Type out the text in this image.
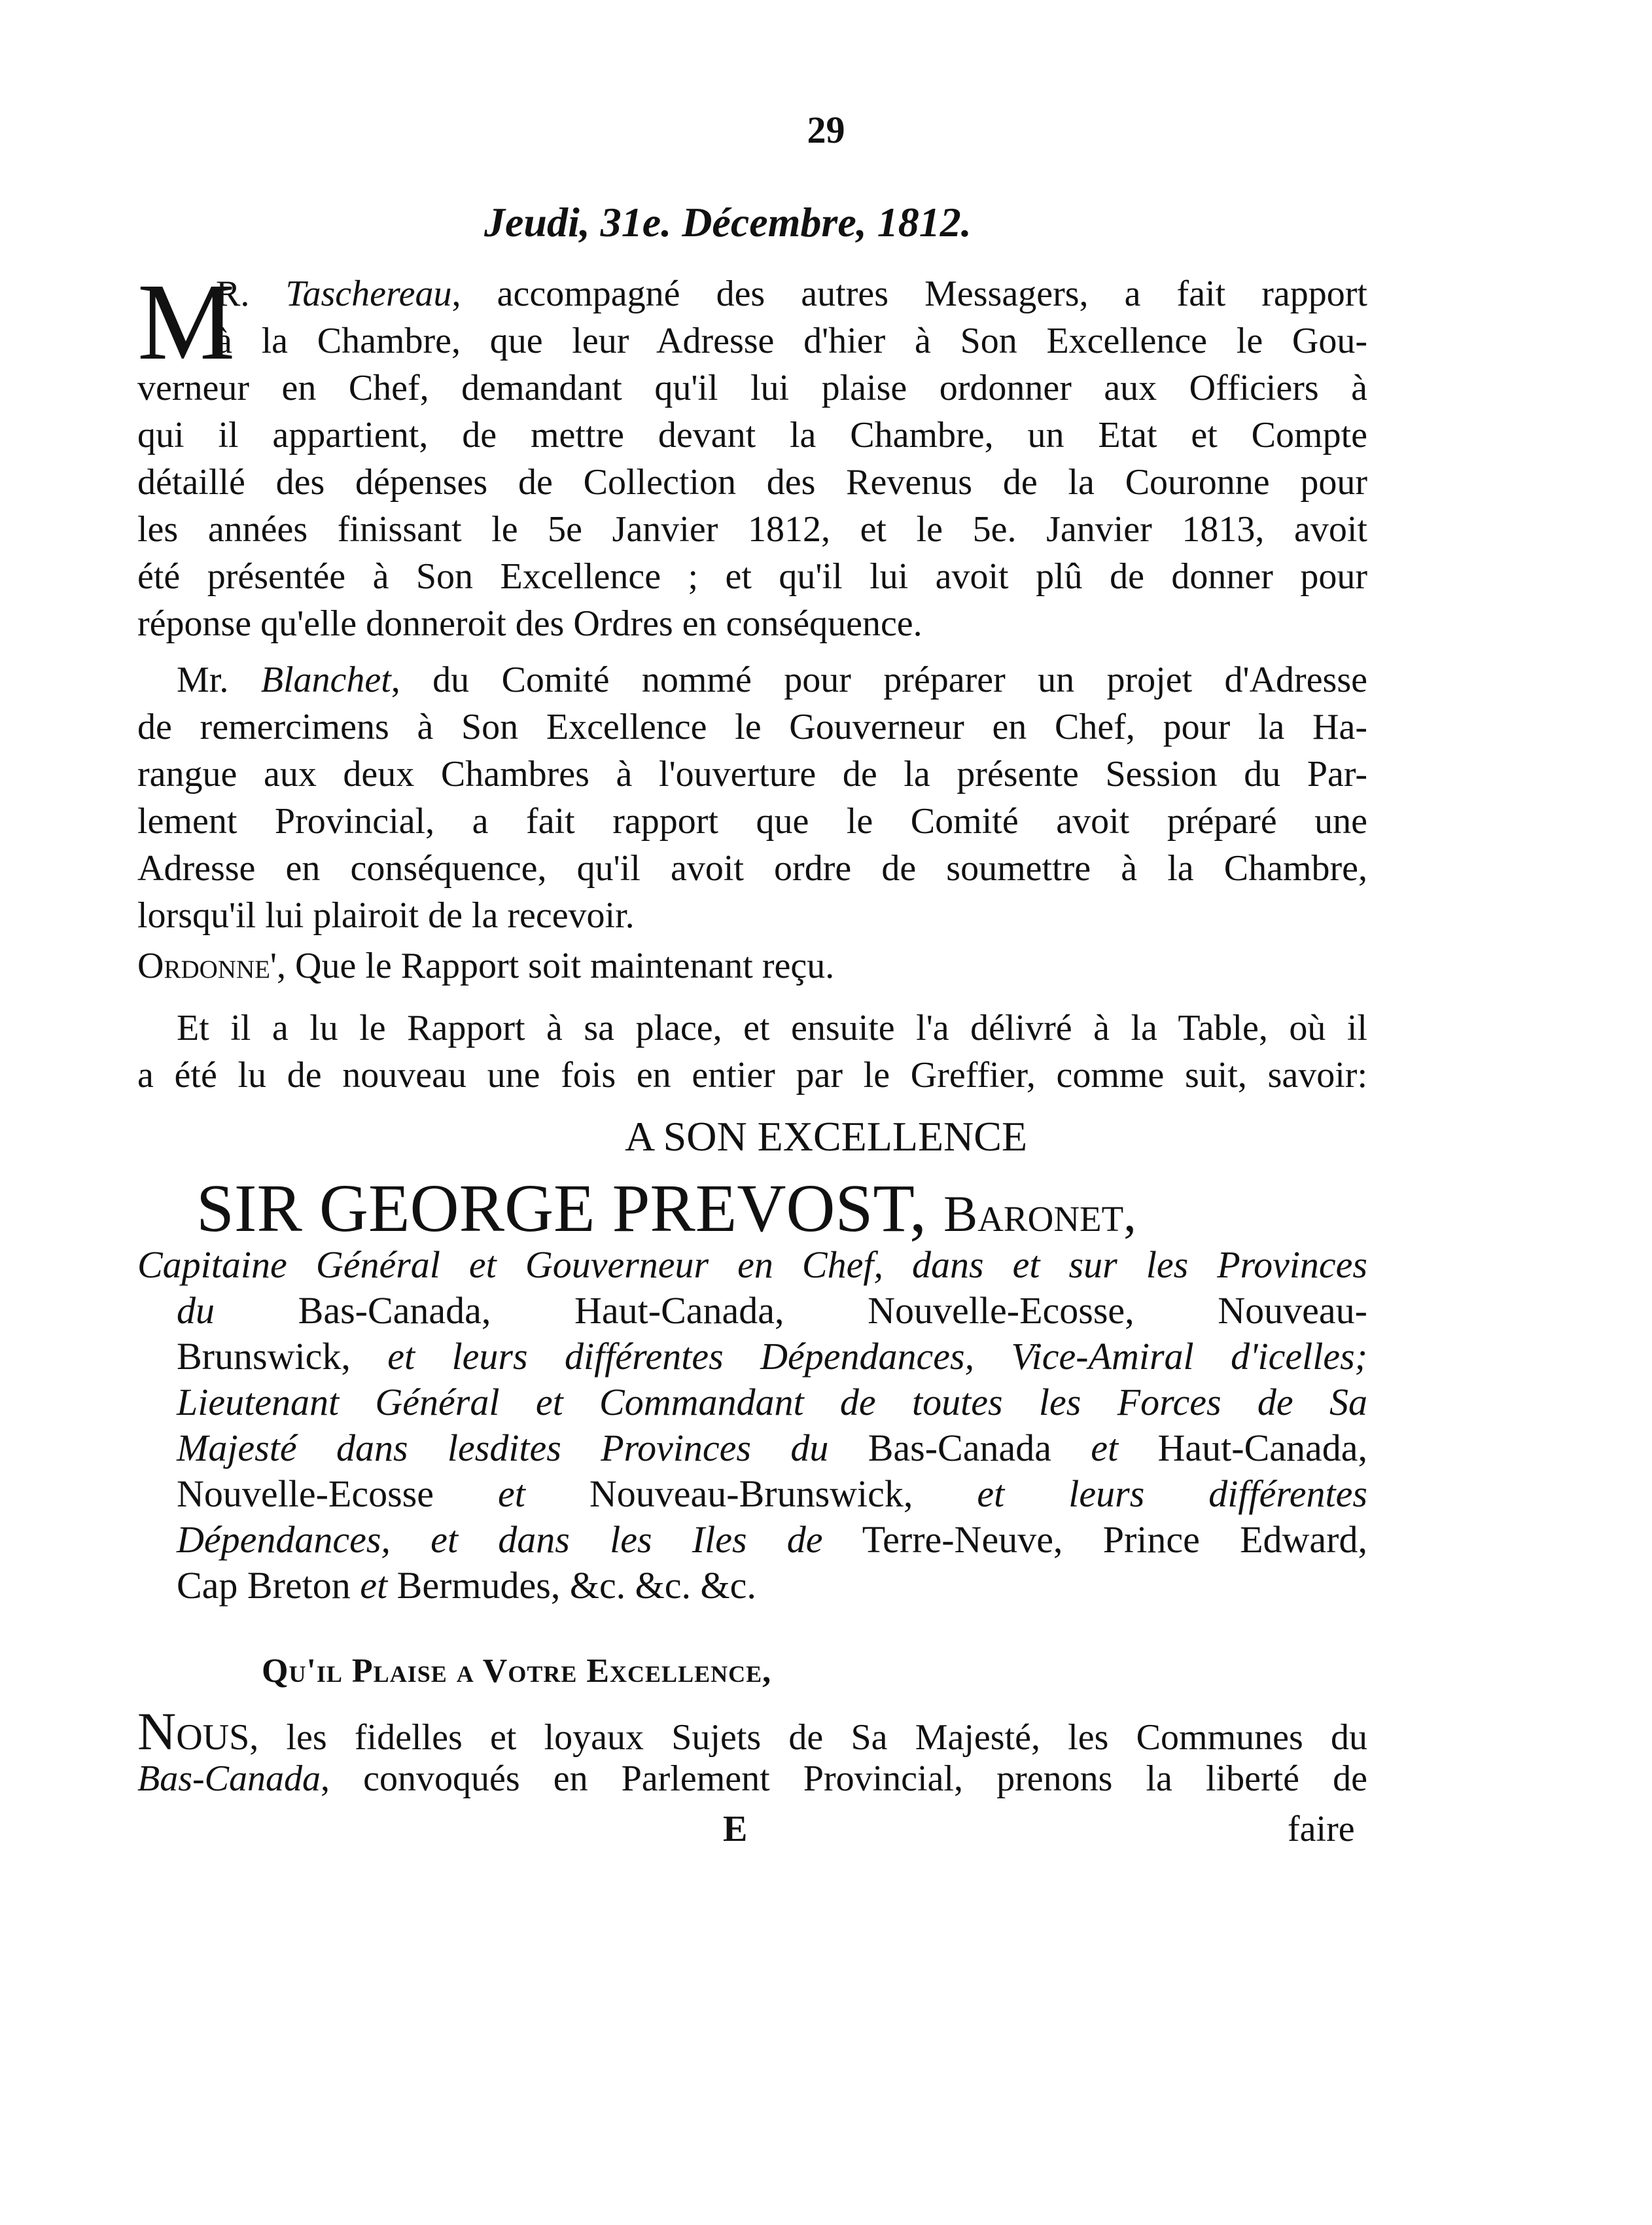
29
Jeudi, 31e. Décembre, 1812.
M
R. Taschereau, accompagné des autres Messagers, a fait rapport
à la Chambre, que leur Adresse d'hier à Son Excellence le Gou-
verneur en Chef, demandant qu'il lui plaise ordonner aux Officiers à
qui il appartient, de mettre devant la Chambre, un Etat et Compte
détaillé des dépenses de Collection des Revenus de la Couronne pour
les années finissant le 5e Janvier 1812, et le 5e. Janvier 1813, avoit
été présentée à Son Excellence ; et qu'il lui avoit plû de donner pour
réponse qu'elle donneroit des Ordres en conséquence.
Mr. Blanchet, du Comité nommé pour préparer un projet d'Adresse
de remercimens à Son Excellence le Gouverneur en Chef, pour la Ha-
rangue aux deux Chambres à l'ouverture de la présente Session du Par-
lement Provincial, a fait rapport que le Comité avoit préparé une
Adresse en conséquence, qu'il avoit ordre de soumettre à la Chambre,
lorsqu'il lui plairoit de la recevoir.
Ordonne', Que le Rapport soit maintenant reçu.
Et il a lu le Rapport à sa place, et ensuite l'a délivré à la Table, où il
a été lu de nouveau une fois en entier par le Greffier, comme suit, savoir:
A SON EXCELLENCE
SIR GEORGE PREVOST, Baronet,
Capitaine Général et Gouverneur en Chef, dans et sur les Provinces
du Bas-Canada, Haut-Canada, Nouvelle-Ecosse, Nouveau-
Brunswick, et leurs différentes Dépendances, Vice-Amiral d'icelles;
Lieutenant Général et Commandant de toutes les Forces de Sa
Majesté dans lesdites Provinces du Bas-Canada et Haut-Canada,
Nouvelle-Ecosse et Nouveau-Brunswick, et leurs différentes
Dépendances, et dans les Iles de Terre-Neuve, Prince Edward,
Cap Breton et Bermudes, &c. &c. &c.
Qu'il Plaise a Votre Excellence,
NOUS, les fidelles et loyaux Sujets de Sa Majesté, les Communes du
Bas-Canada, convoqués en Parlement Provincial, prenons la liberté de
E	faire
